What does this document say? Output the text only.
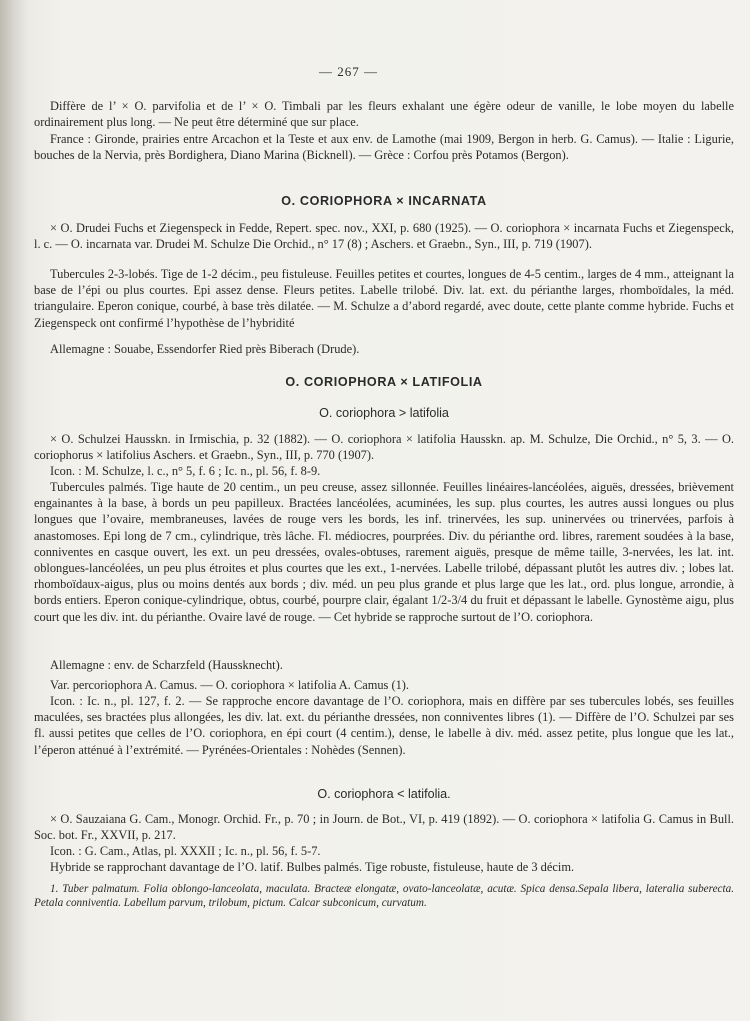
— 267 —
Diffère de l’ × O. parvifolia et de l’ × O. Timbali par les fleurs exhalant une égère odeur de vanille, le lobe moyen du labelle ordinairement plus long. — Ne peut être déterminé que sur place.
France : Gironde, prairies entre Arcachon et la Teste et aux env. de Lamothe (mai 1909, Bergon in herb. G. Camus). — Italie : Ligurie, bouches de la Nervia, près Bordighera, Diano Marina (Bicknell). — Grèce : Corfou près Potamos (Bergon).
O. CORIOPHORA × INCARNATA
× O. Drudei Fuchs et Ziegenspeck in Fedde, Repert. spec. nov., XXI, p. 680 (1925). — O. coriophora × incarnata Fuchs et Ziegenspeck, l. c. — O. incarnata var. Drudei M. Schulze Die Orchid., n° 17 (8) ; Aschers. et Graebn., Syn., III, p. 719 (1907).
Tubercules 2-3-lobés. Tige de 1-2 décim., peu fistuleuse. Feuilles petites et courtes, longues de 4-5 centim., larges de 4 mm., atteignant la base de l’épi ou plus courtes. Epi assez dense. Fleurs petites. Labelle trilobé. Div. lat. ext. du périanthe larges, rhomboïdales, la méd. triangulaire. Eperon conique, courbé, à base très dilatée. — M. Schulze a d’abord regardé, avec doute, cette plante comme hybride. Fuchs et Ziegenspeck ont confirmé l’hypothèse de l’hybridité
Allemagne : Souabe, Essendorfer Ried près Biberach (Drude).
O. CORIOPHORA × LATIFOLIA
O. coriophora > latifolia
× O. Schulzei Hausskn. in Irmischia, p. 32 (1882). — O. coriophora × latifolia Hausskn. ap. M. Schulze, Die Orchid., n° 5, 3. — O. coriophorus × latifolius Aschers. et Graebn., Syn., III, p. 770 (1907).
Icon. : M. Schulze, l. c., n° 5, f. 6 ; Ic. n., pl. 56, f. 8-9.
Tubercules palmés. Tige haute de 20 centim., un peu creuse, assez sillonnée. Feuilles linéaires-lancéolées, aiguës, dressées, brièvement engainantes à la base, à bords un peu papilleux. Bractées lancéolées, acuminées, les sup. plus courtes, les autres aussi longues ou plus longues que l’ovaire, membraneuses, lavées de rouge vers les bords, les inf. trinervées, les sup. uninervées ou trinervées, parfois à anastomoses. Epi long de 7 cm., cylindrique, très lâche. Fl. médiocres, pourprées. Div. du périanthe ord. libres, rarement soudées à la base, conniventes en casque ouvert, les ext. un peu dressées, ovales-obtuses, rarement aiguës, presque de même taille, 3-nervées, les lat. int. oblongues-lancéolées, un peu plus étroites et plus courtes que les ext., 1-nervées. Labelle trilobé, dépassant plutôt les autres div. ; lobes lat. rhomboïdaux-aigus, plus ou moins dentés aux bords ; div. méd. un peu plus grande et plus large que les lat., ord. plus longue, arrondie, à bords entiers. Eperon conique-cylindrique, obtus, courbé, pourpre clair, égalant 1/2-3/4 du fruit et dépassant le labelle. Gynostème aigu, plus court que les div. int. du périanthe. Ovaire lavé de rouge. — Cet hybride se rapproche surtout de l’O. coriophora.
Allemagne : env. de Scharzfeld (Haussknecht).
Var. percoriophora A. Camus. — O. coriophora × latifolia A. Camus (1).
Icon. : Ic. n., pl. 127, f. 2. — Se rapproche encore davantage de l’O. coriophora, mais en diffère par ses tubercules lobés, ses feuilles maculées, ses bractées plus allongées, les div. lat. ext. du périanthe dressées, non conniventes libres (1). — Diffère de l’O. Schulzei par ses fl. aussi petites que celles de l’O. coriophora, en épi court (4 centim.), dense, le labelle à div. méd. assez petite, plus longue que les lat., l’éperon atténué à l’extrémité. — Pyrénées-Orientales : Nohèdes (Sennen).
O. coriophora < latifolia.
× O. Sauzaiana G. Cam., Monogr. Orchid. Fr., p. 70 ; in Journ. de Bot., VI, p. 419 (1892). — O. coriophora × latifolia G. Camus in Bull. Soc. bot. Fr., XXVII, p. 217.
Icon. : G. Cam., Atlas, pl. XXXII ; Ic. n., pl. 56, f. 5-7.
Hybride se rapprochant davantage de l’O. latif. Bulbes palmés. Tige robuste, fistuleuse, haute de 3 décim.
1. Tuber palmatum. Folia oblongo-lanceolata, maculata. Bracteæ elongatæ, ovato-lanceolatæ, acutæ. Spica densa.Sepala libera, lateralia suberecta. Petala conniventia. Labellum parvum, trilobum, pictum. Calcar subconicum, curvatum.
